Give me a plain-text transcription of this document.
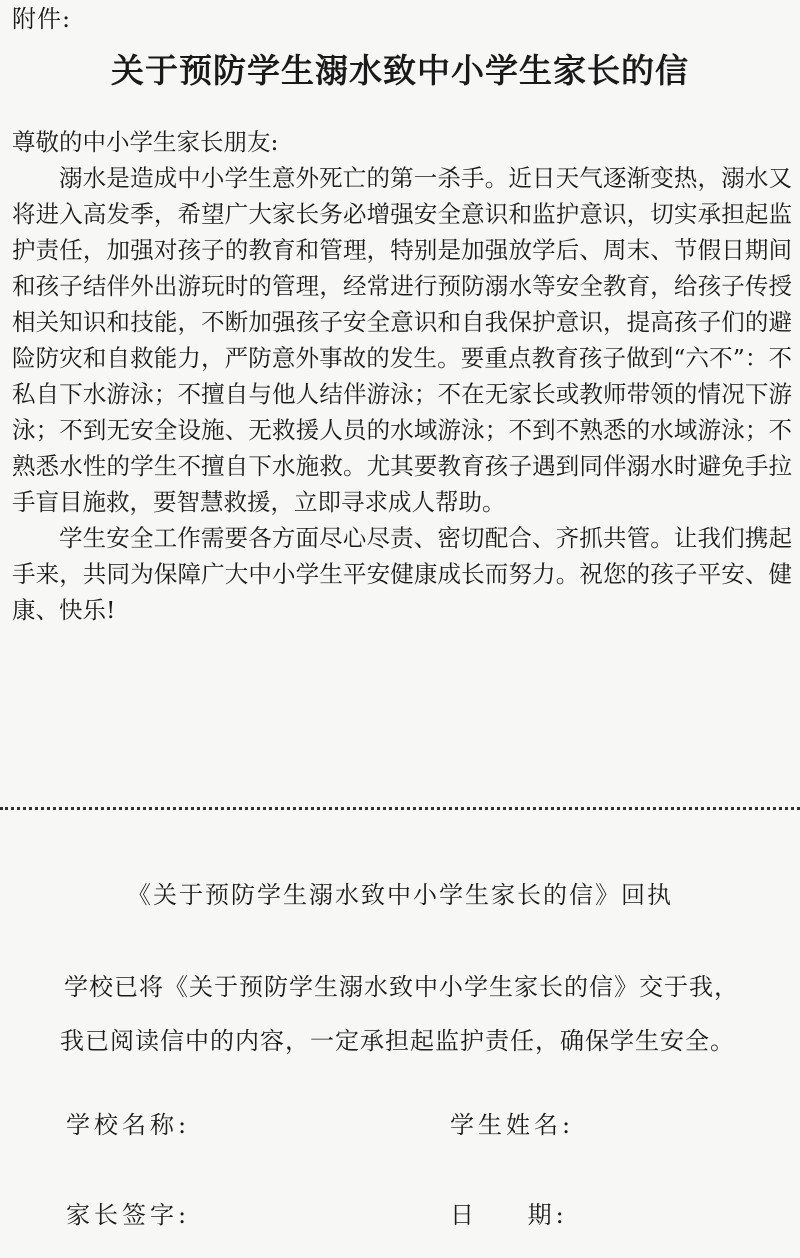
附件:
关于预防学生溺水致中小学生家长的信

尊敬的中小学生家长朋友:

溺水是造成中小学生意外死亡的第一杀手。近日天气逐渐变热，溺水又将进入高发季，希望广大家长务必增强安全意识和监护意识，切实承担起监护责任，加强对孩子的教育和管理，特别是加强放学后、周末、节假日期间和孩子结伴外出游玩时的管理，经常进行预防溺水等安全教育，给孩子传授相关知识和技能，不断加强孩子安全意识和自我保护意识，提高孩子们的避险防灾和自救能力，严防意外事故的发生。要重点教育孩子做到“六不”：不私自下水游泳；不擅自与他人结伴游泳；不在无家长或教师带领的情况下游泳；不到无安全设施、无救援人员的水域游泳；不到不熟悉的水域游泳；不熟悉水性的学生不擅自下水施救。尤其要教育孩子遇到同伴溺水时避免手拉手盲目施救，要智慧救援，立即寻求成人帮助。

学生安全工作需要各方面尽心尽责、密切配合、齐抓共管。让我们携起手来，共同为保障广大中小学生平安健康成长而努力。祝您的孩子平安、健康、快乐!

《关于预防学生溺水致中小学生家长的信》回执

学校已将《关于预防学生溺水致中小学生家长的信》交于我，

我已阅读信中的内容，一定承担起监护责任，确保学生安全。

学校名称:	学生姓名:
家长签字:	日 期:
